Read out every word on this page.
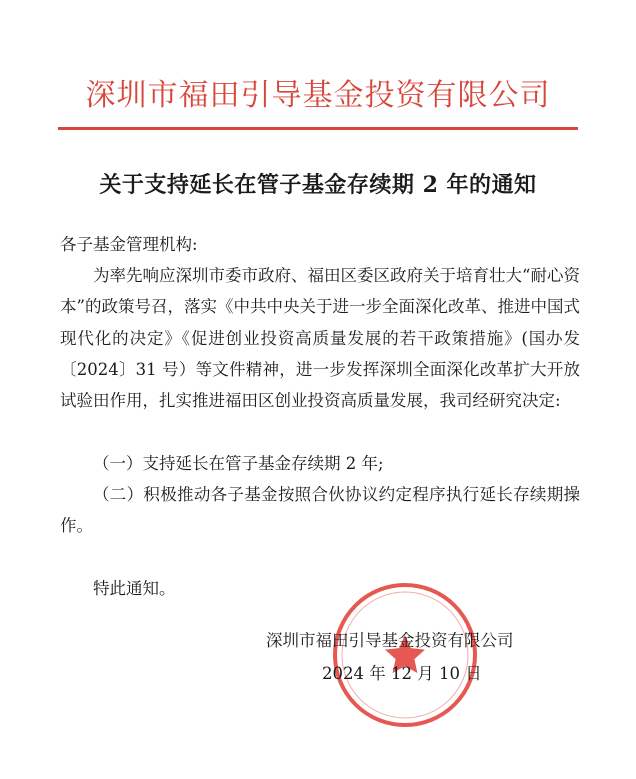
深圳市福田引导基金投资有限公司
关于支持延长在管子基金存续期 2 年的通知

各子基金管理机构:

为率先响应深圳市委市政府、福田区委区政府关于培育壮大“耐心资本”的政策号召，落实《中共中央关于进一步全面深化改革、推进中国式现代化的决定》《促进创业投资高质量发展的若干政策措施》(国办发〔2024〕31 号）等文件精神，进一步发挥深圳全面深化改革扩大开放试验田作用，扎实推进福田区创业投资高质量发展，我司经研究决定:

（一）支持延长在管子基金存续期 2 年;

（二）积极推动各子基金按照合伙协议约定程序执行延长存续期操作。

特此通知。

深圳市福田引导基金投资有限公司
2024 年 12 月 10 日
